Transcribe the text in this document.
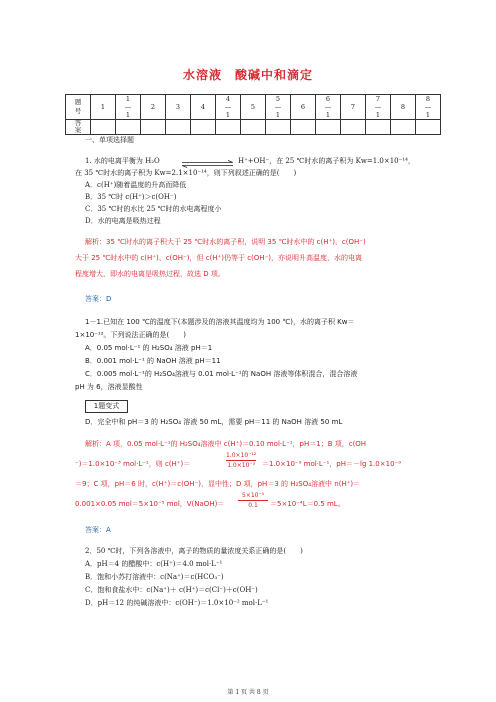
水溶液　酸碱中和滴定
题号	1	1—1	2	3	4	4—1	5	5—1	6	6—1	7	7—1	8	8—1

答案														

一、单项选择题
1. 水的电离平衡为 H₂O ⇌ H⁺+OH⁻，在 25 ℃时水的离子积为 Kw=1.0×10⁻¹⁴，
在 35 ℃时水的离子积为 Kw=2.1×10⁻¹⁴，则下列叙述正确的是(　　)
A．c(H⁺)随着温度的升高而降低
B．35 ℃时 c(H⁺)＞c(OH⁻)
C．35 ℃时的水比 25 ℃时的水电离程度小
D．水的电离是吸热过程
解析：35 ℃时水的离子积大于 25 ℃时水的离子积，说明 35 ℃时水中的 c(H⁺)、c(OH⁻)
大于 25 ℃时水中的 c(H⁺)、c(OH⁻)，但 c(H⁺)仍等于 c(OH⁻)，亦说明升高温度，水的电离
程度增大，即水的电离是吸热过程，故选 D 项。
答案：D
1题变式
1－1.已知在 100 ℃的温度下(本题涉及的溶液其温度均为 100 ℃)，水的离子积 Kw＝
1×10⁻¹²。下列说法正确的是(　　)
A．0.05 mol·L⁻¹ 的 H₂SO₄ 溶液 pH＝1
B．0.001 mol·L⁻¹ 的 NaOH 溶液 pH＝11
C．0.005 mol·L⁻¹的 H₂SO₄溶液与 0.01 mol·L⁻¹的 NaOH 溶液等体积混合，混合溶液
pH 为 6，溶液显酸性
D．完全中和 pH＝3 的 H₂SO₄ 溶液 50 mL，需要 pH＝11 的 NaOH 溶液 50 mL
解析：A 项，0.05 mol·L⁻¹的 H₂SO₄溶液中 c(H⁺)＝0.10 mol·L⁻¹，pH＝1；B 项，c(OH
⁻)＝1.0×10⁻³ mol·L⁻¹，则 c(H⁺)＝
1.0×10⁻¹²
1.0×10⁻³ ＝1.0×10⁻⁹ mol·L⁻¹，pH＝－lg 1.0×10⁻⁹
＝9；C 项，pH＝6 时，c(H⁺)＝c(OH⁻)，显中性；D 项，pH＝3 的 H₂SO₄溶液中 n(H⁺)＝
0.001×0.05 mol＝5×10⁻⁵ mol，V(NaOH)＝
5×10⁻⁵
0.1	＝5×10⁻⁴L＝0.5 mL。
答案：A
2．50 ℃时，下列各溶液中，离子的物质的量浓度关系正确的是(　　)
A．pH＝4 的醋酸中：c(H⁺)＝4.0 mol·L⁻¹
B．饱和小苏打溶液中：c(Na⁺)＝c(HCO₃⁻)
C．饱和食盐水中：c(Na⁺)＋ c(H⁺)＝c(Cl⁻)＋c(OH⁻)
D．pH＝12 的纯碱溶液中：c(OH⁻)＝1.0×10⁻² mol·L⁻¹
第 1 页 共 8 页
